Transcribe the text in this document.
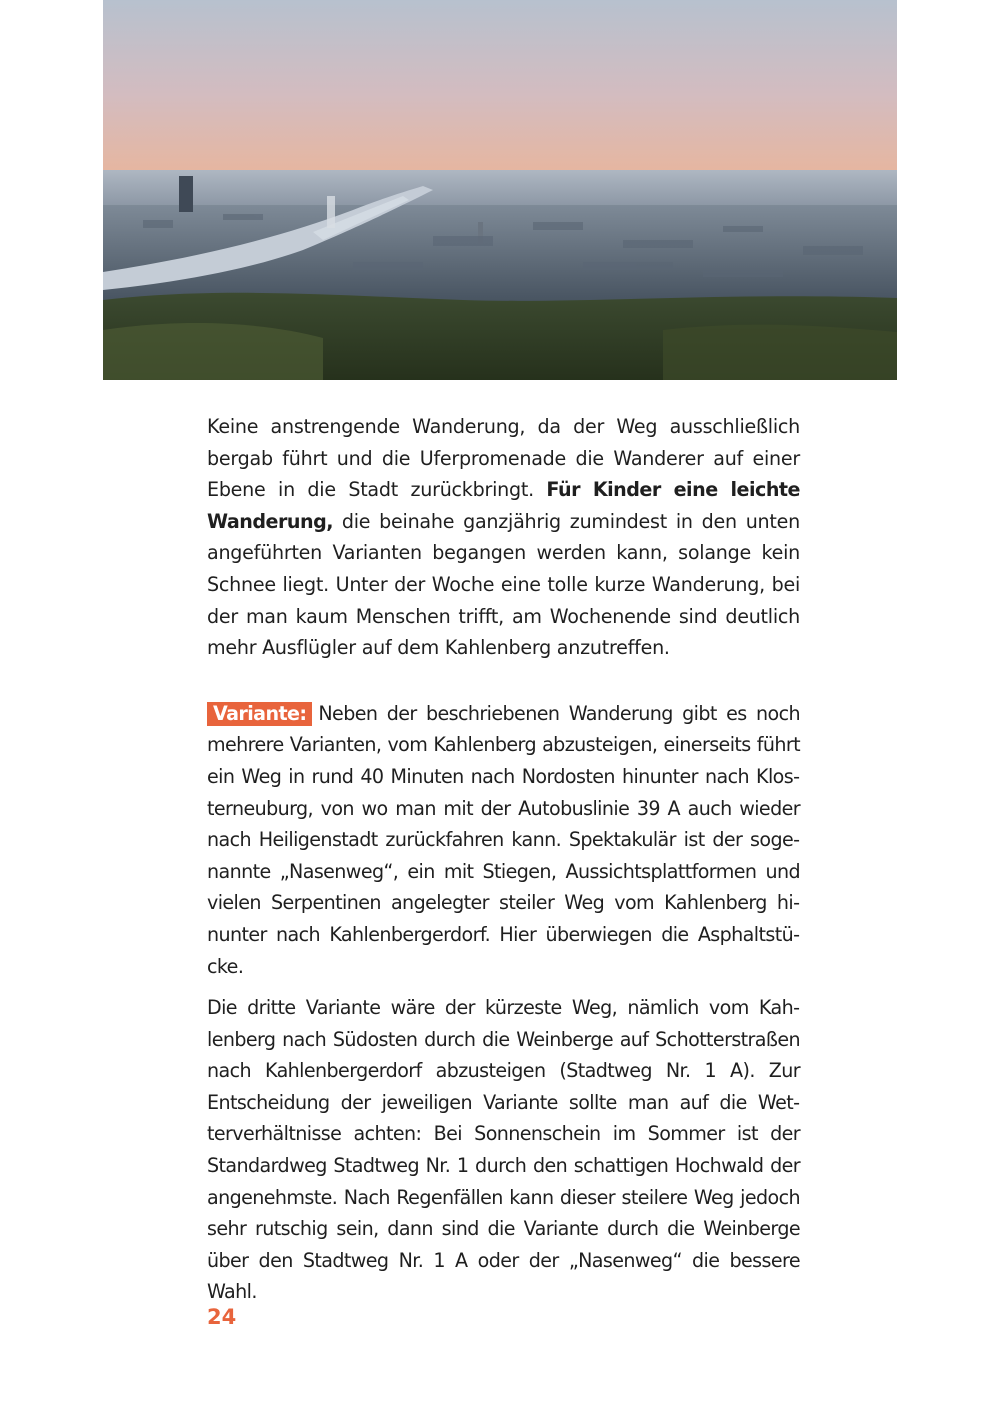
Keine anstrengende Wanderung, da der Weg ausschließlich bergab führt und die Uferpromenade die Wanderer auf einer Ebene in die Stadt zurückbringt. Für Kinder eine leichte Wanderung, die beinahe ganzjährig zumindest in den unten angeführten Varianten begangen werden kann, solange kein Schnee liegt. Unter der Woche eine tolle kurze Wanderung, bei der man kaum Menschen trifft, am Wochenende sind deutlich mehr Ausflügler auf dem Kahlenberg anzutreffen.

Variante: Neben der beschriebenen Wanderung gibt es noch mehrere Varianten, vom Kahlenberg abzusteigen, einerseits führt ein Weg in rund 40 Minuten nach Nordosten hinunter nach Klosterneuburg, von wo man mit der Autobuslinie 39 A auch wieder nach Heiligenstadt zurückfahren kann. Spektakulär ist der sogenannte „Nasenweg“, ein mit Stiegen, Aussichtsplattformen und vielen Serpentinen angelegter steiler Weg vom Kahlenberg hinunter nach Kahlenbergerdorf. Hier überwiegen die Asphaltstücke.

Die dritte Variante wäre der kürzeste Weg, nämlich vom Kahlenberg nach Südosten durch die Weinberge auf Schotterstraßen nach Kahlenbergerdorf abzusteigen (Stadtweg Nr. 1 A). Zur Entscheidung der jeweiligen Variante sollte man auf die Wetterverhältnisse achten: Bei Sonnenschein im Sommer ist der Standardweg Stadtweg Nr. 1 durch den schattigen Hochwald der angenehmste. Nach Regenfällen kann dieser steilere Weg jedoch sehr rutschig sein, dann sind die Variante durch die Weinberge über den Stadtweg Nr. 1 A oder der „Nasenweg“ die bessere Wahl.

24
